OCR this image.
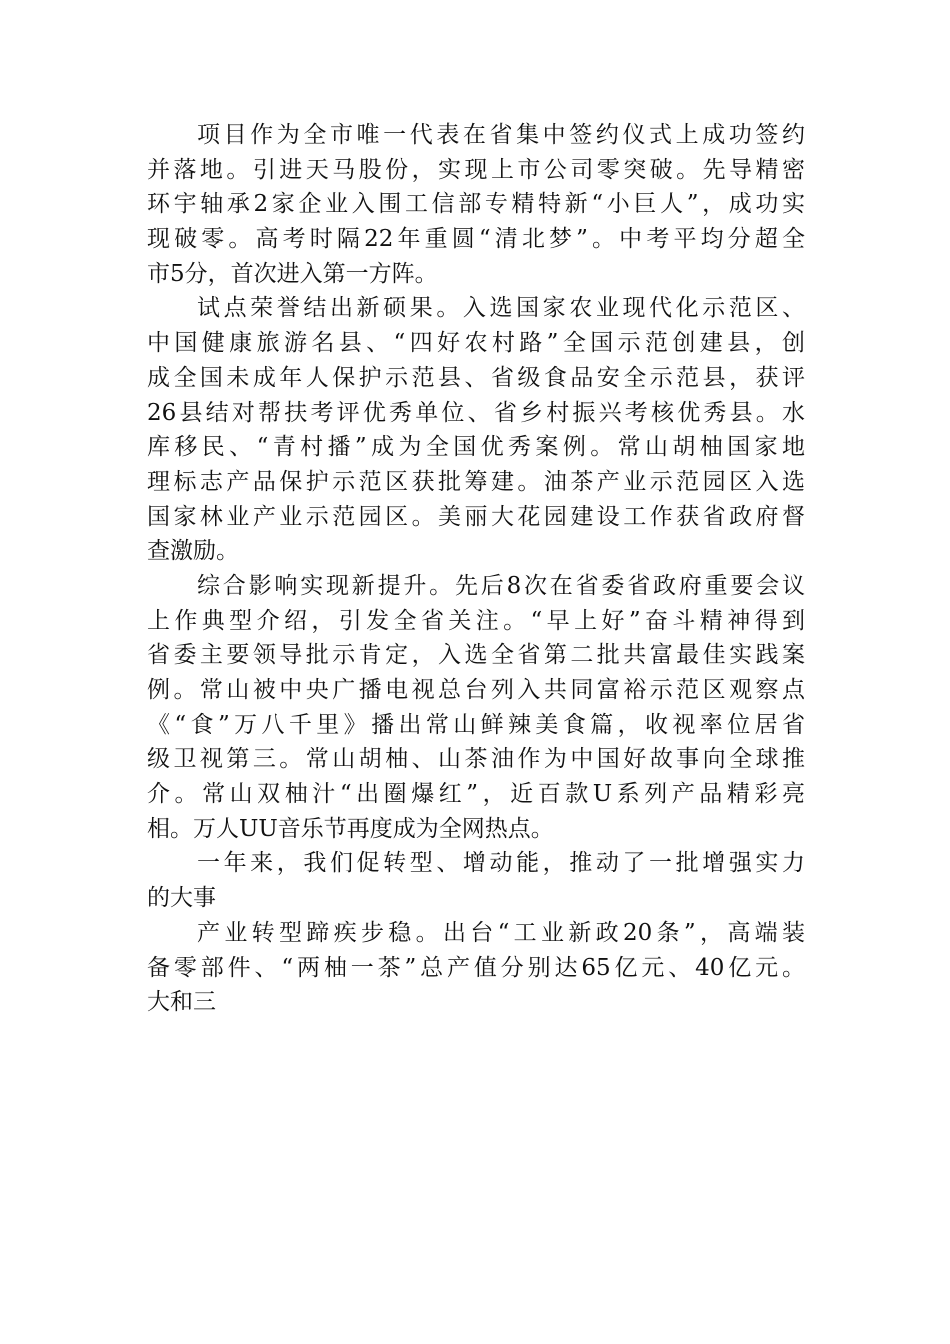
项目作为全市唯一代表在省集中签约仪式上成功签约
并落地。引进天马股份，实现上市公司零突破。先导精密
环宇轴承2家企业入围工信部专精特新“小巨人”，成功实
现破零。高考时隔22年重圆“清北梦”。中考平均分超全
市5分，首次进入第一方阵。
试点荣誉结出新硕果。入选国家农业现代化示范区、
中国健康旅游名县、“四好农村路”全国示范创建县，创
成全国未成年人保护示范县、省级食品安全示范县，获评
26县结对帮扶考评优秀单位、省乡村振兴考核优秀县。水
库移民、“青村播”成为全国优秀案例。常山胡柚国家地
理标志产品保护示范区获批筹建。油茶产业示范园区入选
国家林业产业示范园区。美丽大花园建设工作获省政府督
查激励。
综合影响实现新提升。先后8次在省委省政府重要会议
上作典型介绍，引发全省关注。“早上好”奋斗精神得到
省委主要领导批示肯定，入选全省第二批共富最佳实践案
例。常山被中央广播电视总台列入共同富裕示范区观察点
《“食”万八千里》播出常山鲜辣美食篇，收视率位居省
级卫视第三。常山胡柚、山茶油作为中国好故事向全球推
介。常山双柚汁“出圈爆红”，近百款U系列产品精彩亮
相。万人UU音乐节再度成为全网热点。
一年来，我们促转型、增动能，推动了一批增强实力
的大事
产业转型蹄疾步稳。出台“工业新政20条”，高端装
备零部件、“两柚一茶”总产值分别达65亿元、40亿元。
大和三
